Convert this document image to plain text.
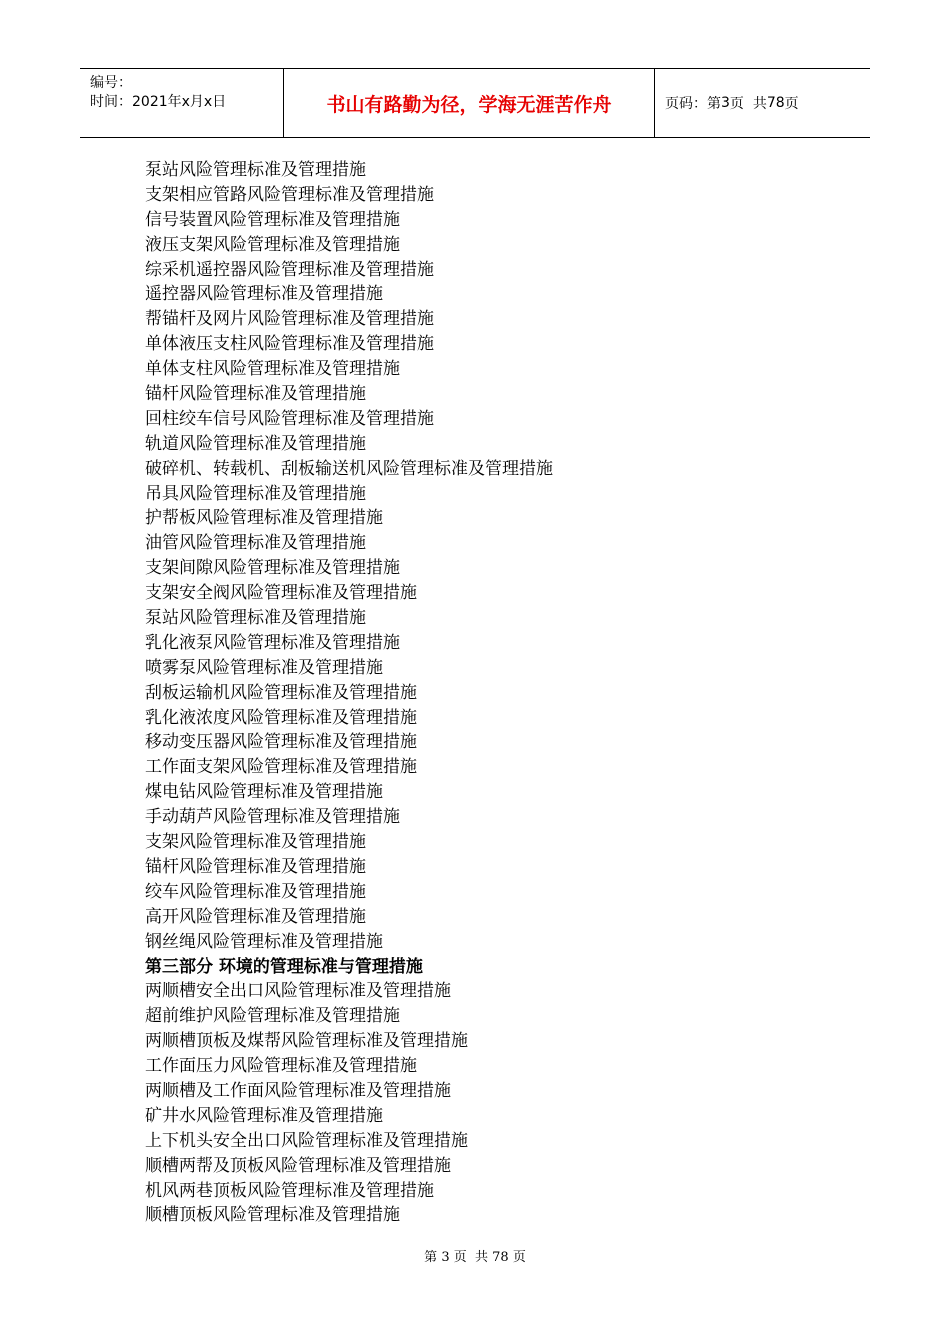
编号：
时间：2021年x月x日	书山有路勤为径，学海无涯苦作舟	页码：第 3 页  共 78 页
泵站风险管理标准及管理措施
支架相应管路风险管理标准及管理措施
信号装置风险管理标准及管理措施
液压支架风险管理标准及管理措施
综采机遥控器风险管理标准及管理措施
遥控器风险管理标准及管理措施
帮锚杆及网片风险管理标准及管理措施
单体液压支柱风险管理标准及管理措施
单体支柱风险管理标准及管理措施
锚杆风险管理标准及管理措施
回柱绞车信号风险管理标准及管理措施
轨道风险管理标准及管理措施
破碎机、转载机、刮板输送机风险管理标准及管理措施
吊具风险管理标准及管理措施
护帮板风险管理标准及管理措施
油管风险管理标准及管理措施
支架间隙风险管理标准及管理措施
支架安全阀风险管理标准及管理措施
泵站风险管理标准及管理措施
乳化液泵风险管理标准及管理措施
喷雾泵风险管理标准及管理措施
刮板运输机风险管理标准及管理措施
乳化液浓度风险管理标准及管理措施
移动变压器风险管理标准及管理措施
工作面支架风险管理标准及管理措施
煤电钻风险管理标准及管理措施
手动葫芦风险管理标准及管理措施
支架风险管理标准及管理措施
锚杆风险管理标准及管理措施
绞车风险管理标准及管理措施
高开风险管理标准及管理措施
钢丝绳风险管理标准及管理措施
第三部分 环境的管理标准与管理措施
两顺槽安全出口风险管理标准及管理措施
超前维护风险管理标准及管理措施
两顺槽顶板及煤帮风险管理标准及管理措施
工作面压力风险管理标准及管理措施
两顺槽及工作面风险管理标准及管理措施
矿井水风险管理标准及管理措施
上下机头安全出口风险管理标准及管理措施
顺槽两帮及顶板风险管理标准及管理措施
机风两巷顶板风险管理标准及管理措施
顺槽顶板风险管理标准及管理措施
第 3 页  共 78 页
